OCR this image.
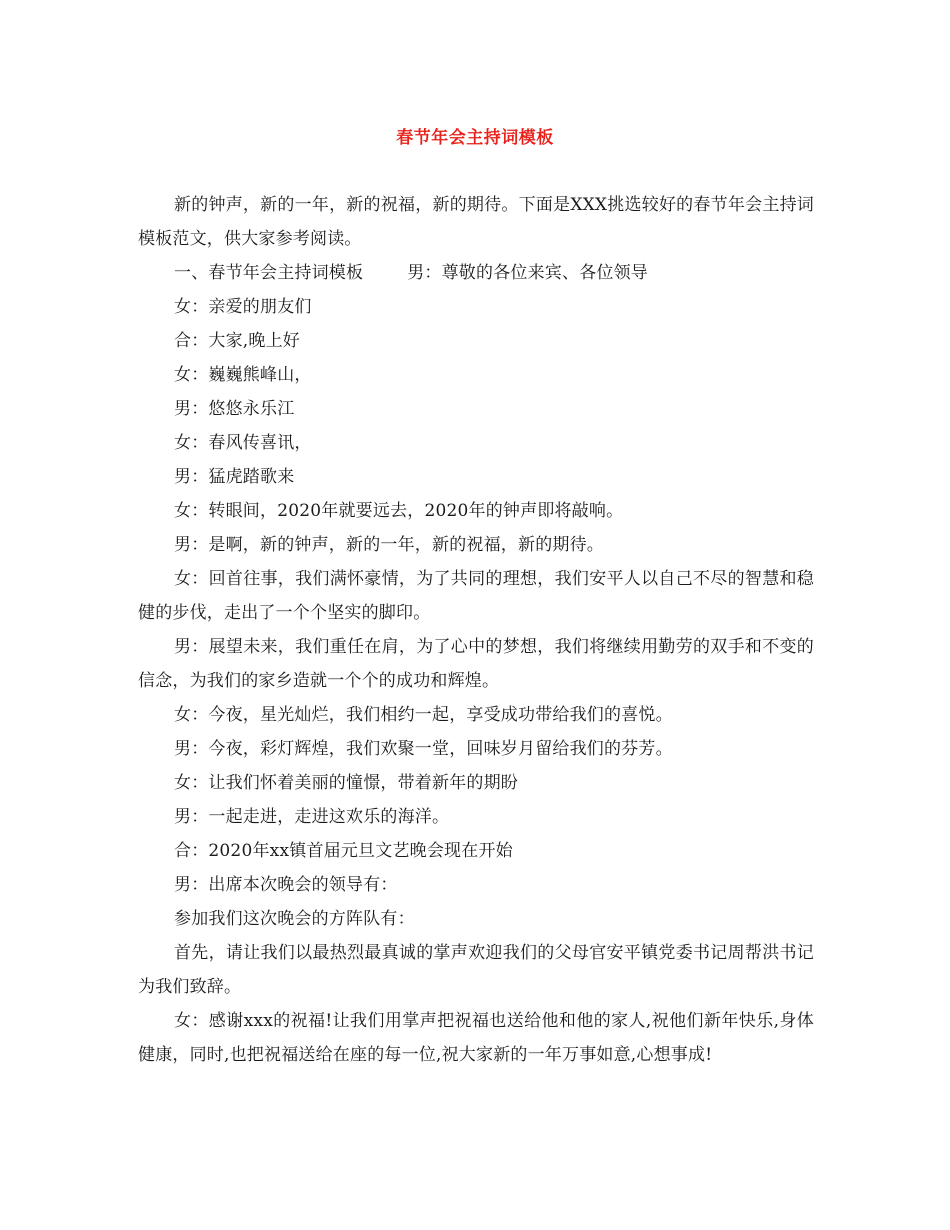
春节年会主持词模板

新的钟声，新的一年，新的祝福，新的期待。下面是XXX挑选较好的春节年会主持词模板范文，供大家参考阅读。

一、春节年会主持词模板	男：尊敬的各位来宾、各位领导

女：亲爱的朋友们

合：大家,晚上好

女：巍巍熊峰山，

男：悠悠永乐江

女：春风传喜讯，

男：猛虎踏歌来

女：转眼间，2020年就要远去，2020年的钟声即将敲响。

男：是啊，新的钟声，新的一年，新的祝福，新的期待。

女：回首往事，我们满怀豪情，为了共同的理想，我们安平人以自己不尽的智慧和稳健的步伐，走出了一个个坚实的脚印。

男：展望未来，我们重任在肩，为了心中的梦想，我们将继续用勤劳的双手和不变的信念，为我们的家乡造就一个个的成功和辉煌。

女：今夜，星光灿烂，我们相约一起，享受成功带给我们的喜悦。

男：今夜，彩灯辉煌，我们欢聚一堂，回味岁月留给我们的芬芳。

女：让我们怀着美丽的憧憬，带着新年的期盼

男：一起走进，走进这欢乐的海洋。

合：2020年xx镇首届元旦文艺晚会现在开始

男：出席本次晚会的领导有：

参加我们这次晚会的方阵队有：

首先，请让我们以最热烈最真诚的掌声欢迎我们的父母官安平镇党委书记周帮洪书记为我们致辞。

女：感谢xxx的祝福!让我们用掌声把祝福也送给他和他的家人,祝他们新年快乐,身体健康，同时,也把祝福送给在座的每一位,祝大家新的一年万事如意,心想事成!
